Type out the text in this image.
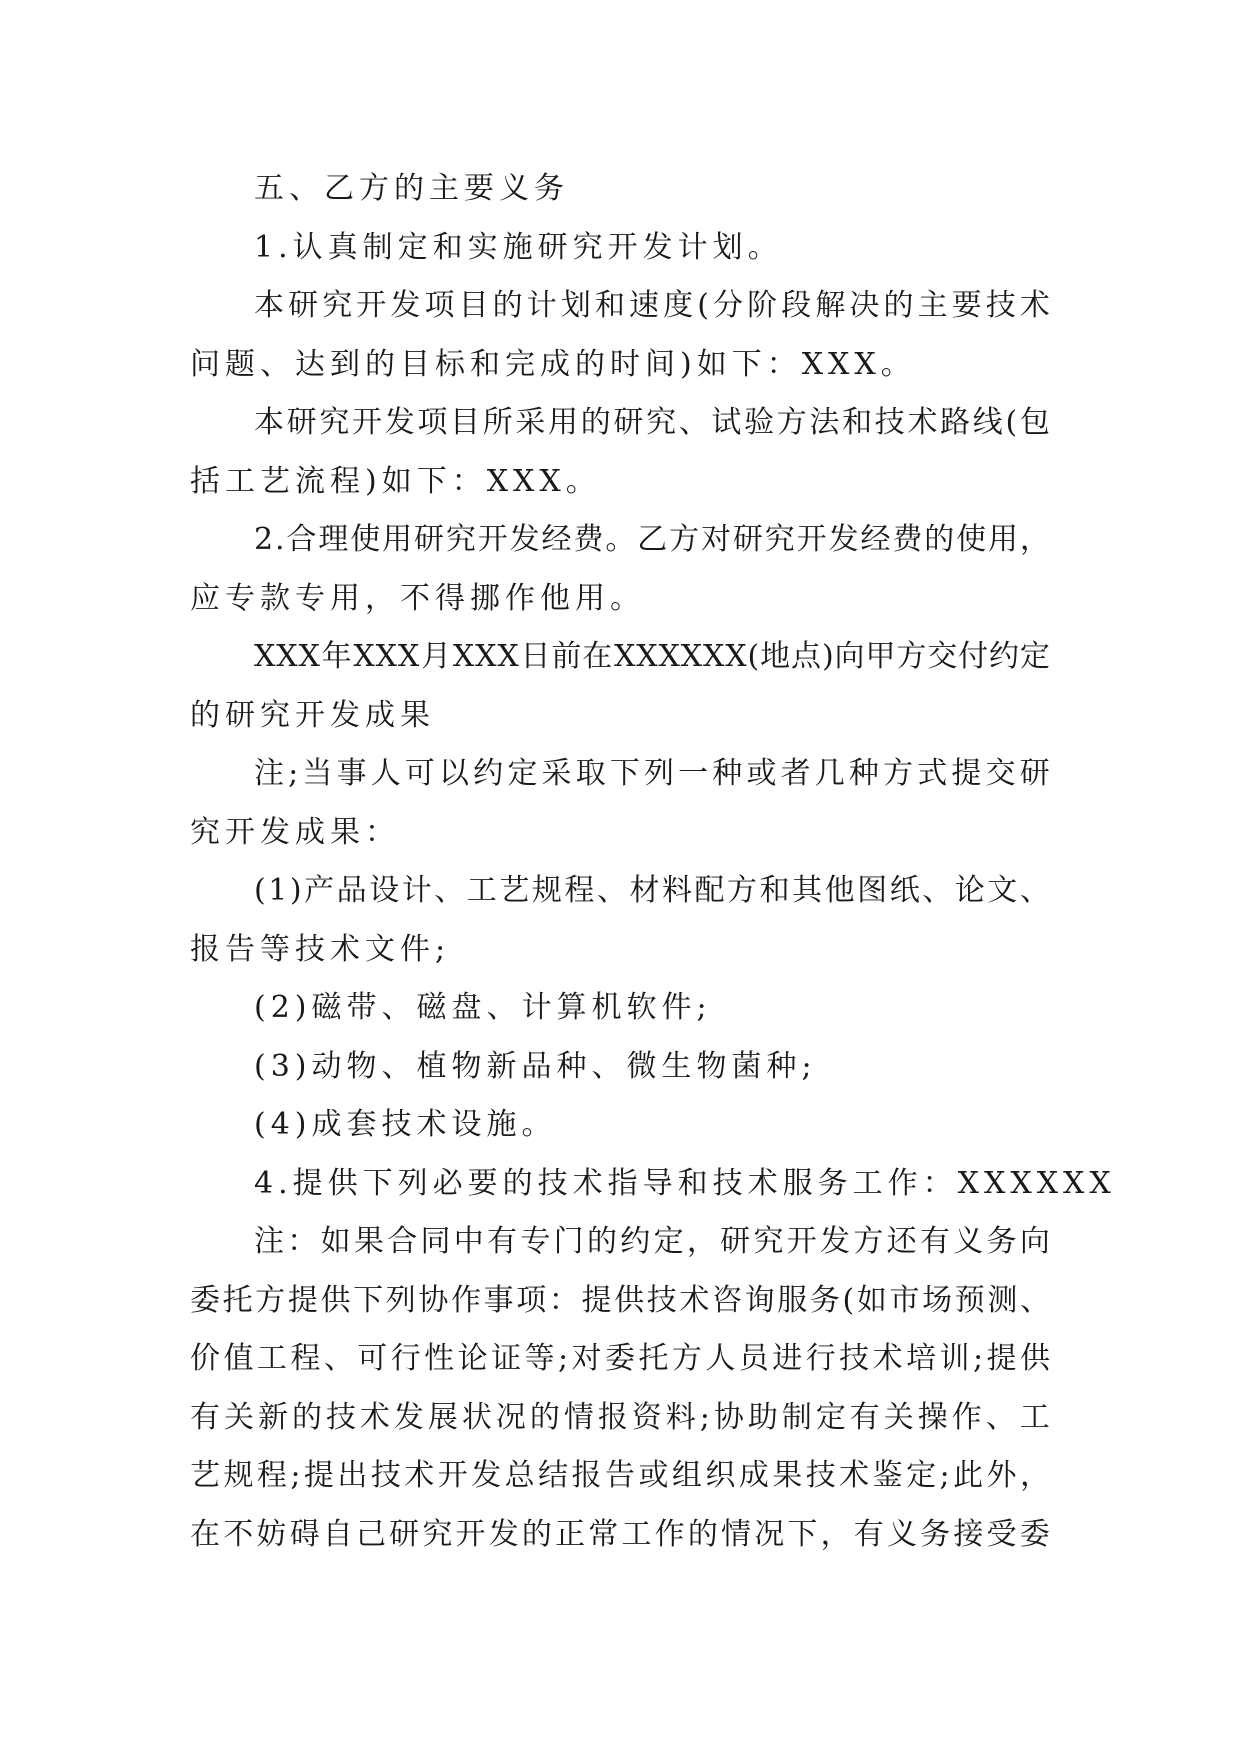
五、乙方的主要义务
1.认真制定和实施研究开发计划。
本 研 究 开 发 项 目 的 计 划 和 速 度 ( 分 阶 段 解 决 的 主 要 技 术
问题、达到的目标和完成的时间)如下：XXX。
本 研 究 开 发 项 目 所 采 用 的 研 究 、 试 验 方 法 和 技 术 路 线 ( 包
括工艺流程)如下：XXX。
2 . 合 理 使 用 研 究 开 发 经 费 。 乙 方 对 研 究 开 发 经 费 的 使 用 ，
应专款专用，不得挪作他用。
X X X 年 X X X 月 X X X 日 前 在 X X X X X X ( 地 点 ) 向 甲 方 交 付 约 定
的研究开发成果
注 ; 当 事 人 可 以 约 定 采 取 下 列 一 种 或 者 几 种 方 式 提 交 研
究开发成果：
( 1 ) 产 品 设 计 、 工 艺 规 程 、 材 料 配 方 和 其 他 图 纸 、 论 文 、
报告等技术文件;
(2)磁带、磁盘、计算机软件;
(3)动物、植物新品种、微生物菌种;
(4)成套技术设施。
4.提供下列必要的技术指导和技术服务工作：XXXXXX
注 ： 如 果 合 同 中 有 专 门 的 约 定 ， 研 究 开 发 方 还 有 义 务 向
委 托 方 提 供 下 列 协 作 事 项 ： 提 供 技 术 咨 询 服 务 ( 如 市 场 预 测 、
价 值 工 程 、 可 行 性 论 证 等 ; 对 委 托 方 人 员 进 行 技 术 培 训 ; 提 供
有 关 新 的 技 术 发 展 状 况 的 情 报 资 料 ; 协 助 制 定 有 关 操 作 、 工
艺 规 程 ; 提 出 技 术 开 发 总 结 报 告 或 组 织 成 果 技 术 鉴 定 ; 此 外 ，
在 不 妨 碍 自 己 研 究 开 发 的 正 常 工 作 的 情 况 下 ， 有 义 务 接 受 委
